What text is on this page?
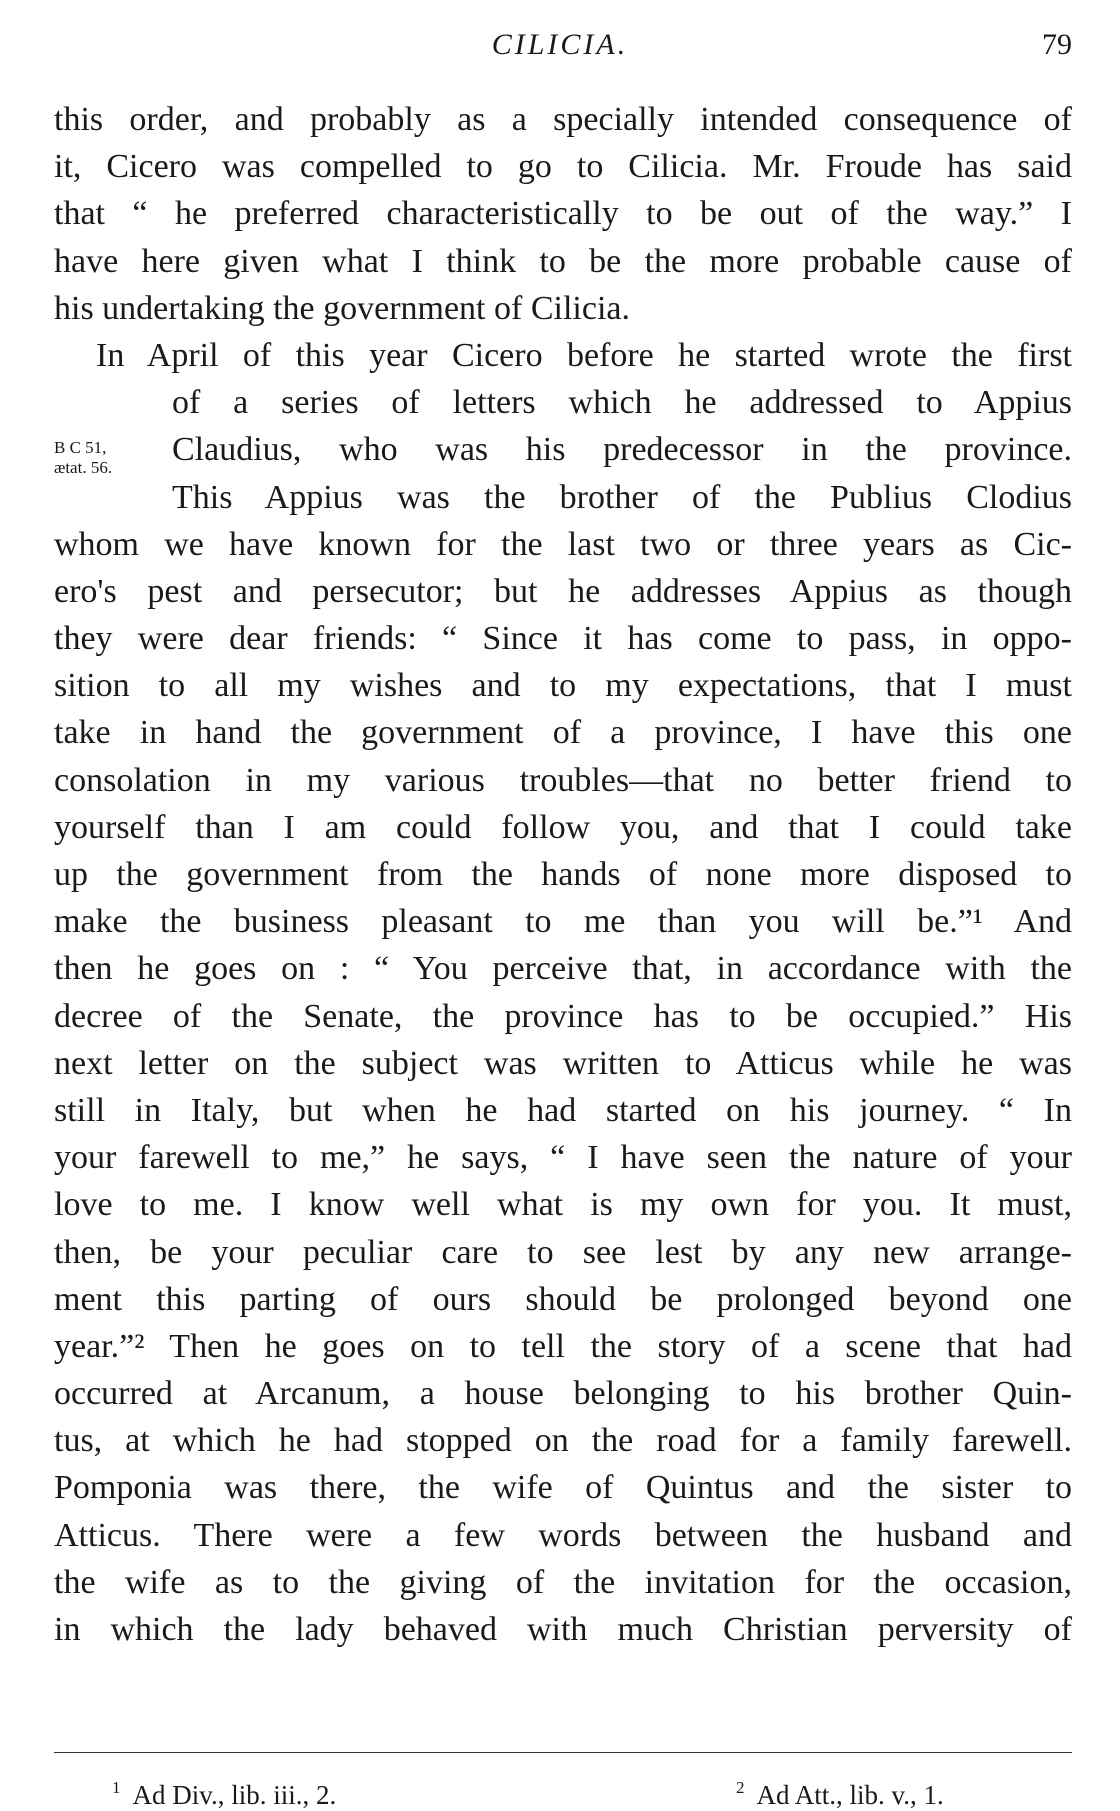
CILICIA.	79
B C 51,
ætat. 56.
this order, and probably as a specially intended consequence of
it, Cicero was compelled to go to Cilicia. Mr. Froude has said
that “ he preferred characteristically to be out of the way.” I
have here given what I think to be the more probable cause of
his undertaking the government of Cilicia.
In April of this year Cicero before he started wrote the first
of a series of letters which he addressed to Appius
Claudius, who was his predecessor in the province.
This Appius was the brother of the Publius Clodius
whom we have known for the last two or three years as Cic-
ero's pest and persecutor; but he addresses Appius as though
they were dear friends: “ Since it has come to pass, in oppo-
sition to all my wishes and to my expectations, that I must
take in hand the government of a province, I have this one
consolation in my various troubles—that no better friend to
yourself than I am could follow you, and that I could take
up the government from the hands of none more disposed to
make the business pleasant to me than you will be.”¹ And
then he goes on : “ You perceive that, in accordance with the
decree of the Senate, the province has to be occupied.” His
next letter on the subject was written to Atticus while he was
still in Italy, but when he had started on his journey. “ In
your farewell to me,” he says, “ I have seen the nature of your
love to me. I know well what is my own for you. It must,
then, be your peculiar care to see lest by any new arrange-
ment this parting of ours should be prolonged beyond one
year.”² Then he goes on to tell the story of a scene that had
occurred at Arcanum, a house belonging to his brother Quin-
tus, at which he had stopped on the road for a family farewell.
Pomponia was there, the wife of Quintus and the sister to
Atticus. There were a few words between the husband and
the wife as to the giving of the invitation for the occasion,
in which the lady behaved with much Christian perversity of
$^1$ Ad Div., lib. iii., 2.	$^2$ Ad Att., lib. v., 1.
